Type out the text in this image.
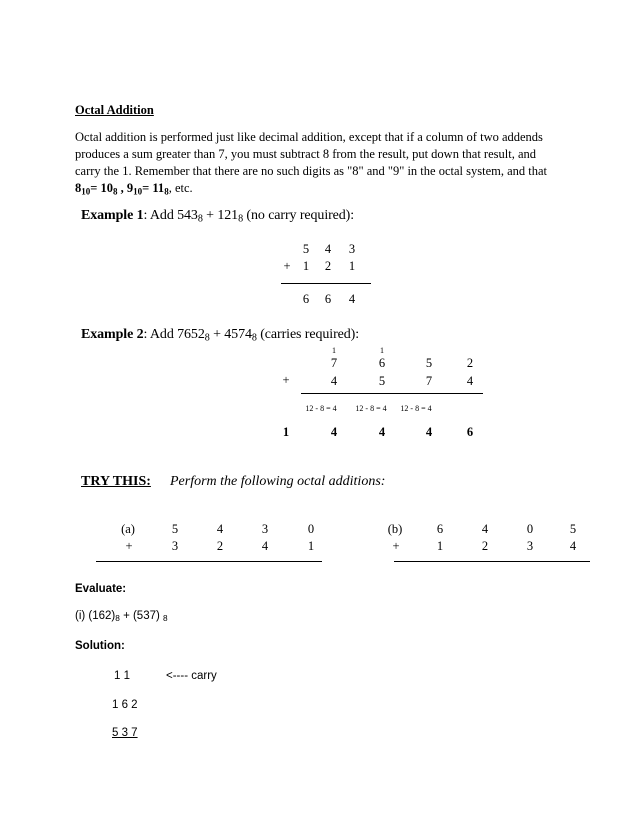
Octal Addition
Octal addition is performed just like decimal addition, except that if a column of two addends
produces a sum greater than 7, you must subtract 8 from the result, put down that result, and
carry the 1. Remember that there are no such digits as "8" and "9" in the octal system, and that
$8_{10}= 10_8$ , $9_{10}= 11_8$, etc.
Example 1: Add $543_8 + 121_8$ (no carry required):
5	4	3
+ 1	2	1
6	6	4
Example 2: Add $7652_8 + 4574_8$ (carries required):
1	1
7	6	5	2
+	4	5	7	4
12 - 8 = 4	12 - 8 = 4	12 - 8 = 4
1	4	4	4	6
TRY THIS: Perform the following octal additions:
(a)	5	4	3	0
+	3	2	4	1
(b)	6	4	0	5
+	1	2	3	4
Evaluate:
(i) $(162)_8 + (537)$ $_8$
Solution:
1 1	<---- carry
1 6 2
5 3 7
